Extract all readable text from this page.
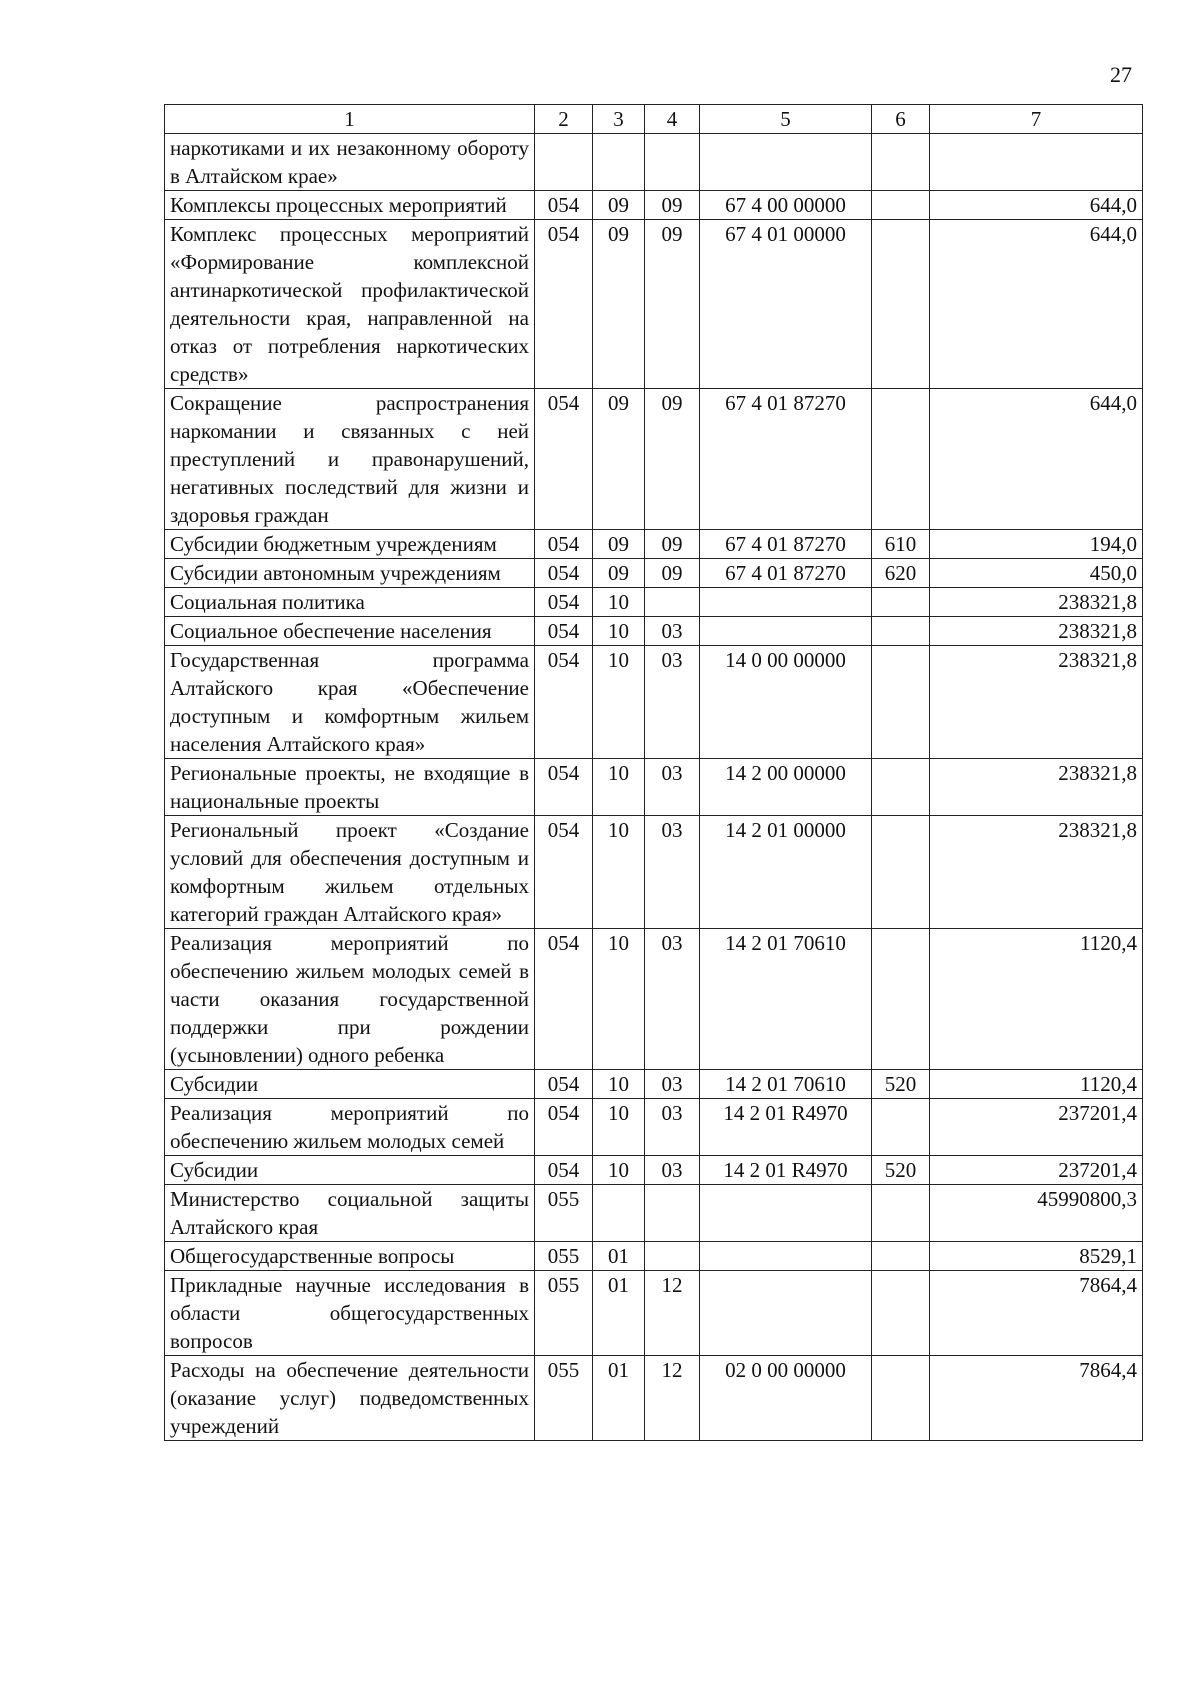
27
1	2	3	4	5	6	7
наркотиками и их незаконному обороту в Алтайском крае»						
Комплексы процессных мероприятий	054	09	09	67 4 00 00000		644,0
Комплекс процессных мероприятий «Формирование комплексной антинаркотической профилактической деятельности края, направленной на отказ от потребления наркотических средств»	054	09	09	67 4 01 00000		644,0
Сокращение распространения наркомании и связанных с ней преступлений и правонарушений, негативных последствий для жизни и здоровья граждан	054	09	09	67 4 01 87270		644,0
Субсидии бюджетным учреждениям	054	09	09	67 4 01 87270	610	194,0
Субсидии автономным учреждениям	054	09	09	67 4 01 87270	620	450,0
Социальная политика	054	10				238321,8
Социальное обеспечение населения	054	10	03			238321,8
Государственная программа Алтайского края «Обеспечение доступным и комфортным жильем населения Алтайского края»	054	10	03	14 0 00 00000		238321,8
Региональные проекты, не входящие в национальные проекты	054	10	03	14 2 00 00000		238321,8
Региональный проект «Создание условий для обеспечения доступным и комфортным жильем отдельных категорий граждан Алтайского края»	054	10	03	14 2 01 00000		238321,8
Реализация мероприятий по обеспечению жильем молодых семей в части оказания государственной поддержки при рождении (усыновлении) одного ребенка	054	10	03	14 2 01 70610		1120,4
Субсидии	054	10	03	14 2 01 70610	520	1120,4
Реализация мероприятий по обеспечению жильем молодых семей	054	10	03	14 2 01 R4970		237201,4
Субсидии	054	10	03	14 2 01 R4970	520	237201,4
Министерство социальной защиты Алтайского края	055					45990800,3
Общегосударственные вопросы	055	01				8529,1
Прикладные научные исследования в области общегосударственных вопросов	055	01	12			7864,4
Расходы на обеспечение деятельности (оказание услуг) подведомственных учреждений	055	01	12	02 0 00 00000		7864,4
